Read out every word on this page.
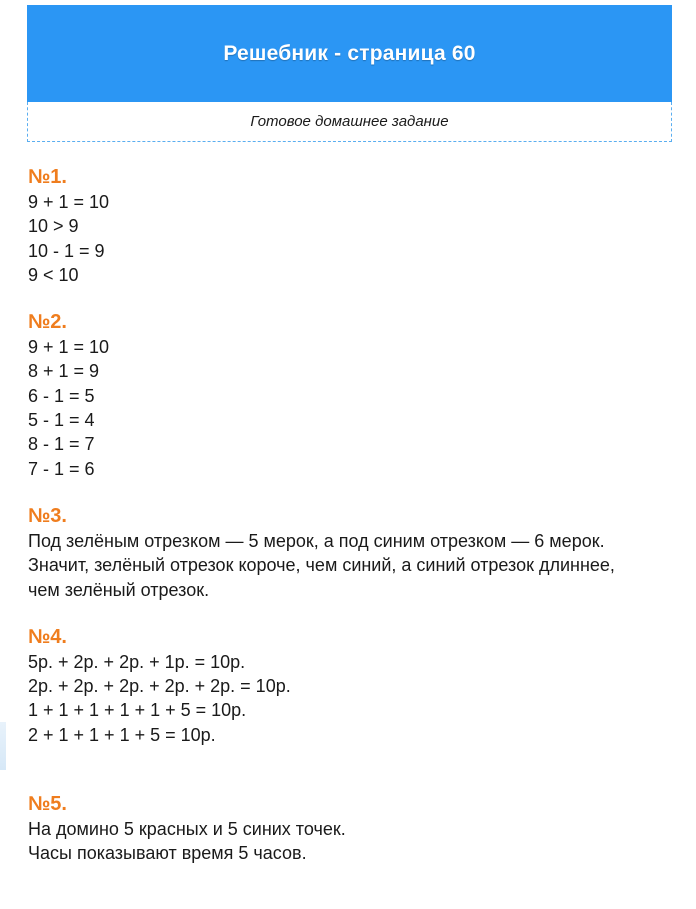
Решебник - страница 60
Готовое домашнее задание
№1.
9 + 1 = 10
10 > 9
10 - 1 = 9
9 < 10
№2.
9 + 1 = 10
8 + 1 = 9
6 - 1 = 5
5 - 1 = 4
8 - 1 = 7
7 - 1 = 6
№3.
Под зелёным отрезком — 5 мерок, а под синим отрезком — 6 мерок.
Значит, зелёный отрезок короче, чем синий, а синий отрезок длиннее, чем зелёный отрезок.
№4.
5р. + 2р. + 2р. + 1р. = 10р.
2р. + 2р. + 2р. + 2р. + 2р. = 10р.
1 + 1 + 1 + 1 + 1 + 5 = 10р.
2 + 1 + 1 + 1 + 5 = 10р.
№5.
На домино 5 красных и 5 синих точек.
Часы показывают время 5 часов.
